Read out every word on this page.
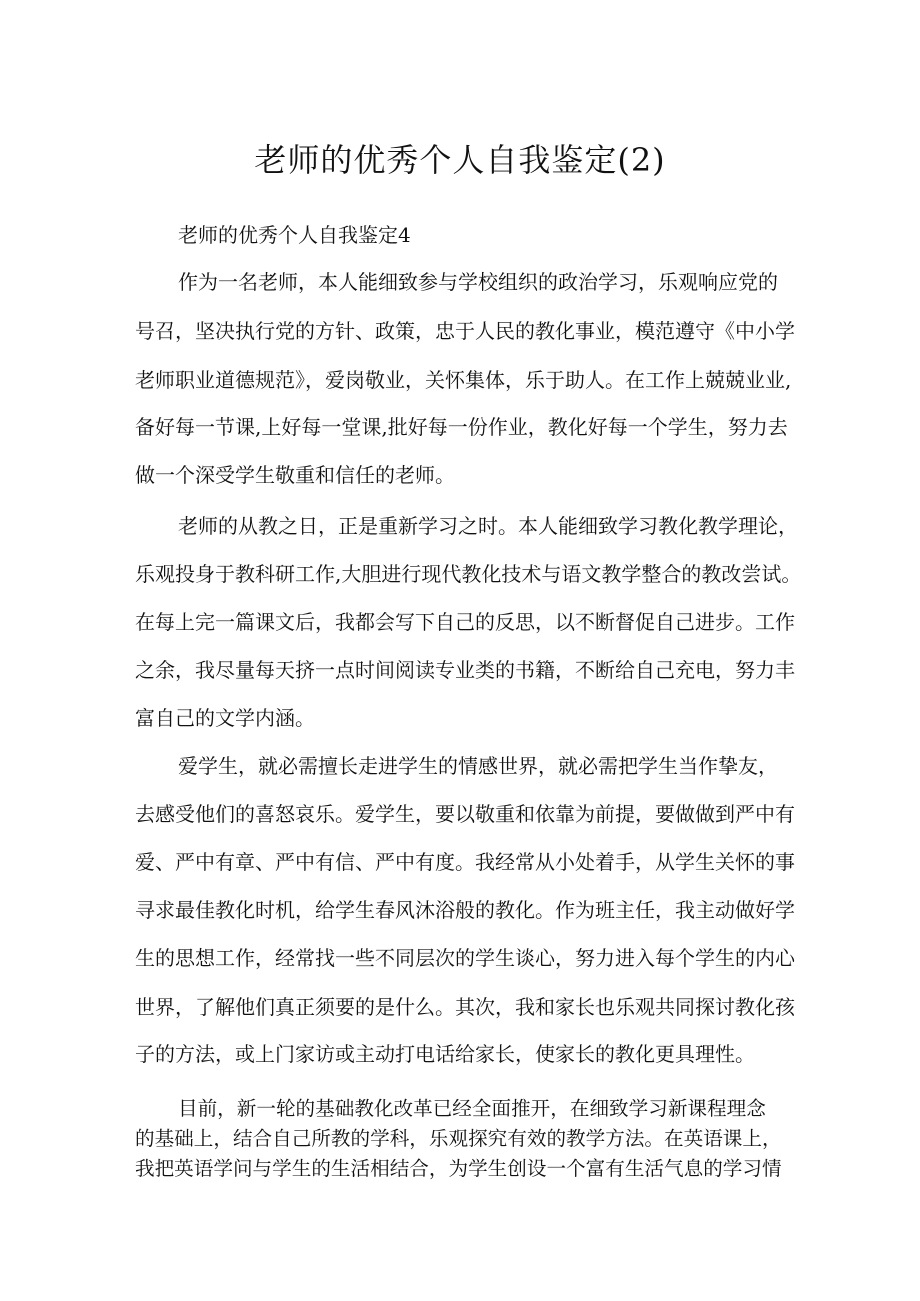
老师的优秀个人自我鉴定(2)
老师的优秀个人自我鉴定4
作为一名老师，本人能细致参与学校组织的政治学习，乐观响应党的
号召，坚决执行党的方针、政策，忠于人民的教化事业，模范遵守《中小学
老师职业道德规范》，爱岗敬业，关怀集体，乐于助人。在工作上兢兢业业,
备好每一节课,上好每一堂课,批好每一份作业，教化好每一个学生，努力去
做一个深受学生敬重和信任的老师。
老师的从教之日，正是重新学习之时。本人能细致学习教化教学理论，
乐观投身于教科研工作,大胆进行现代教化技术与语文教学整合的教改尝试。
在每上完一篇课文后，我都会写下自己的反思，以不断督促自己进步。工作
之余，我尽量每天挤一点时间阅读专业类的书籍，不断给自己充电，努力丰
富自己的文学内涵。
爱学生，就必需擅长走进学生的情感世界，就必需把学生当作挚友，
去感受他们的喜怒哀乐。爱学生，要以敬重和依靠为前提，要做做到严中有
爱、严中有章、严中有信、严中有度。我经常从小处着手，从学生关怀的事
寻求最佳教化时机，给学生春风沐浴般的教化。作为班主任，我主动做好学
生的思想工作，经常找一些不同层次的学生谈心，努力进入每个学生的内心
世界，了解他们真正须要的是什么。其次，我和家长也乐观共同探讨教化孩
子的方法，或上门家访或主动打电话给家长，使家长的教化更具理性。
目前，新一轮的基础教化改革已经全面推开，在细致学习新课程理念
的基础上，结合自己所教的学科，乐观探究有效的教学方法。在英语课上，
我把英语学问与学生的生活相结合，为学生创设一个富有生活气息的学习情
